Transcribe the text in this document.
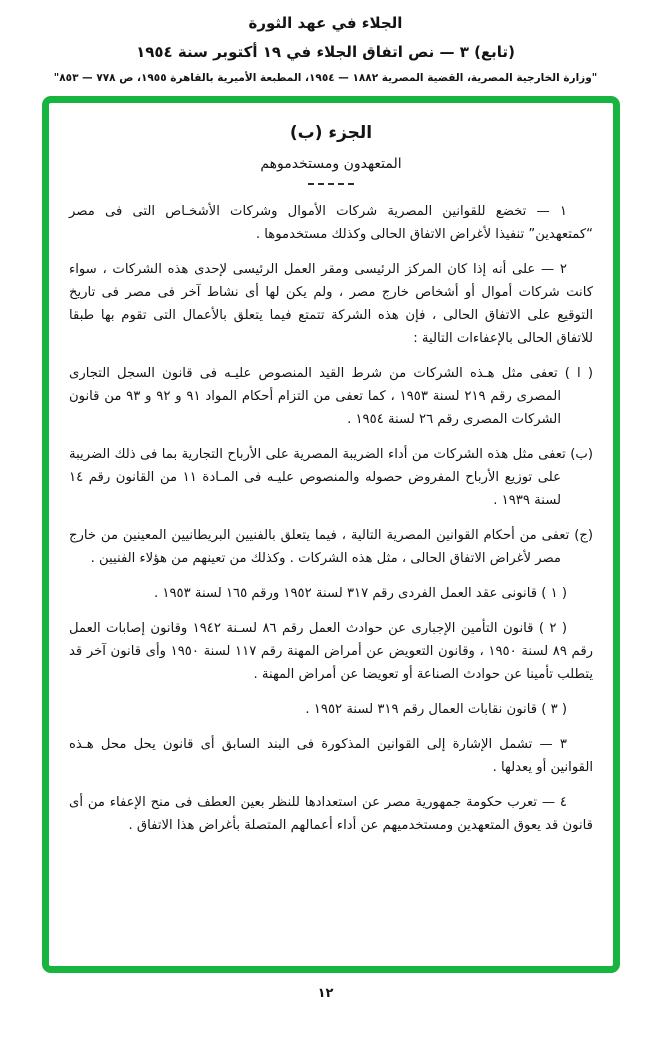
الجلاء في عهد الثورة
(تابع) ٣ — نص اتفاق الجلاء في ١٩ أكتوبر سنة ١٩٥٤
"وزارة الخارجية المصرية، القضية المصرية ١٨٨٢ — ١٩٥٤، المطبعة الأميرية بالقاهرة ١٩٥٥، ص ٧٧٨ — ٨٥٣"
الجزء (ب)
المتعهدون ومستخدموهم

١ — تخضع للقوانين المصرية شركات الأموال وشركات الأشخـاص التى فى مصر “كمتعهدين” تنفيذا لأغراض الاتفاق الحالى وكذلك مستخدموها .

٢ — على أنه إذا كان المركز الرئيسى ومقر العمل الرئيسى لإحدى هذه الشركات ، سواء كانت شركات أموال أو أشخاص خارج مصر ، ولم يكن لها أى نشاط آخر فى مصر فى تاريخ التوقيع على الاتفاق الحالى ، فإن هذه الشركة تتمتع فيما يتعلق بالأعمال التى تقوم بها طبقا للاتفاق الحالى بالإعفاءات التالية :

( ا ) تعفى مثل هـذه الشركات من شرط القيد المنصوص عليـه فى قانون السجل التجارى المصرى رقم ٢١٩ لسنة ١٩٥٣ ، كما تعفى من التزام أحكام المواد ٩١ و ٩٢ و ٩٣ من قانون الشركات المصرى رقم ٢٦ لسنة ١٩٥٤ .

(ب) تعفى مثل هذه الشركات من أداء الضريبة المصرية على الأرباح التجارية بما فى ذلك الضريبة على توزيع الأرباح المفروض حصوله والمنصوص عليـه فى المـادة ١١ من القانون رقم ١٤ لسنة ١٩٣٩ .

(ج) تعفى من أحكام القوانين المصرية التالية ، فيما يتعلق بالفنيين البريطانيين المعينين من خارج مصر لأغراض الاتفاق الحالى ، مثل هذه الشركات . وكذلك من تعينهم من هؤلاء الفنيين .

( ١ ) قانونى عقد العمل الفردى رقم ٣١٧ لسنة ١٩٥٢ ورقم ١٦٥ لسنة ١٩٥٣ .

( ٢ ) قانون التأمين الإجبارى عن حوادث العمل رقم ٨٦ لسـنة ١٩٤٢ وقانون إصابات العمل رقم ٨٩ لسنة ١٩٥٠ ، وقانون التعويض عن أمراض المهنة رقم ١١٧ لسنة ١٩٥٠ وأى قانون آخر قد يتطلب تأمينا عن حوادث الصناعة أو تعويضا عن أمراض المهنة .

( ٣ ) قانون نقابات العمال رقم ٣١٩ لسنة ١٩٥٢ .

٣ — تشمل الإشارة إلى القوانين المذكورة فى البند السابق أى قانون يحل محل هـذه القوانين أو يعدلها .

٤ — تعرب حكومة جمهورية مصر عن استعدادها للنظر بعين العطف فى منح الإعفاء من أى قانون قد يعوق المتعهدين ومستخدميهم عن أداء أعمالهم المتصلة بأغراض هذا الاتفاق .

١٢
